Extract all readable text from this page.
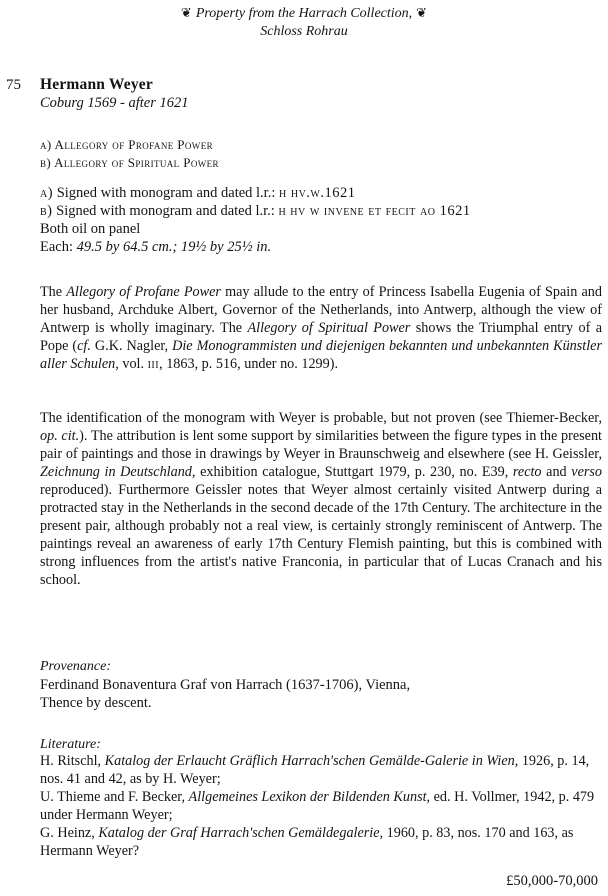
❦ Property from the Harrach Collection, ❦
Schloss Rohrau
75 Hermann Weyer
Coburg 1569 - after 1621
a) Allegory of Profane Power
b) Allegory of Spiritual Power
a) Signed with monogram and dated l.r.: h hv.w.1621
b) Signed with monogram and dated l.r.: h hv w invene et fecit ao 1621
Both oil on panel
Each: 49.5 by 64.5 cm.; 19½ by 25½ in.
The Allegory of Profane Power may allude to the entry of Princess Isabella Eugenia of Spain and her husband, Archduke Albert, Governor of the Netherlands, into Antwerp, although the view of Antwerp is wholly imaginary. The Allegory of Spiritual Power shows the Triumphal entry of a Pope (cf. G.K. Nagler, Die Monogrammisten und diejenigen bekannten und unbekannten Künstler aller Schulen, vol. iii, 1863, p. 516, under no. 1299).
The identification of the monogram with Weyer is probable, but not proven (see Thiemer-Becker, op. cit.). The attribution is lent some support by similarities between the figure types in the present pair of paintings and those in drawings by Weyer in Braunschweig and elsewhere (see H. Geissler, Zeichnung in Deutschland, exhibition catalogue, Stuttgart 1979, p. 230, no. E39, recto and verso reproduced). Furthermore Geissler notes that Weyer almost certainly visited Antwerp during a protracted stay in the Netherlands in the second decade of the 17th Century. The architecture in the present pair, although probably not a real view, is certainly strongly reminiscent of Antwerp. The paintings reveal an awareness of early 17th Century Flemish painting, but this is combined with strong influences from the artist's native Franconia, in particular that of Lucas Cranach and his school.
Provenance:
Ferdinand Bonaventura Graf von Harrach (1637-1706), Vienna,
Thence by descent.
Literature:

H. Ritschl, Katalog der Erlaucht Gräflich Harrach'schen Gemälde-Galerie in Wien, 1926, p. 14, nos. 41 and 42, as by H. Weyer;

U. Thieme and F. Becker, Allgemeines Lexikon der Bildenden Kunst, ed. H. Vollmer, 1942, p. 479 under Hermann Weyer;

G. Heinz, Katalog der Graf Harrach'schen Gemäldegalerie, 1960, p. 83, nos. 170 and 163, as Hermann Weyer?

£50,000-70,000
